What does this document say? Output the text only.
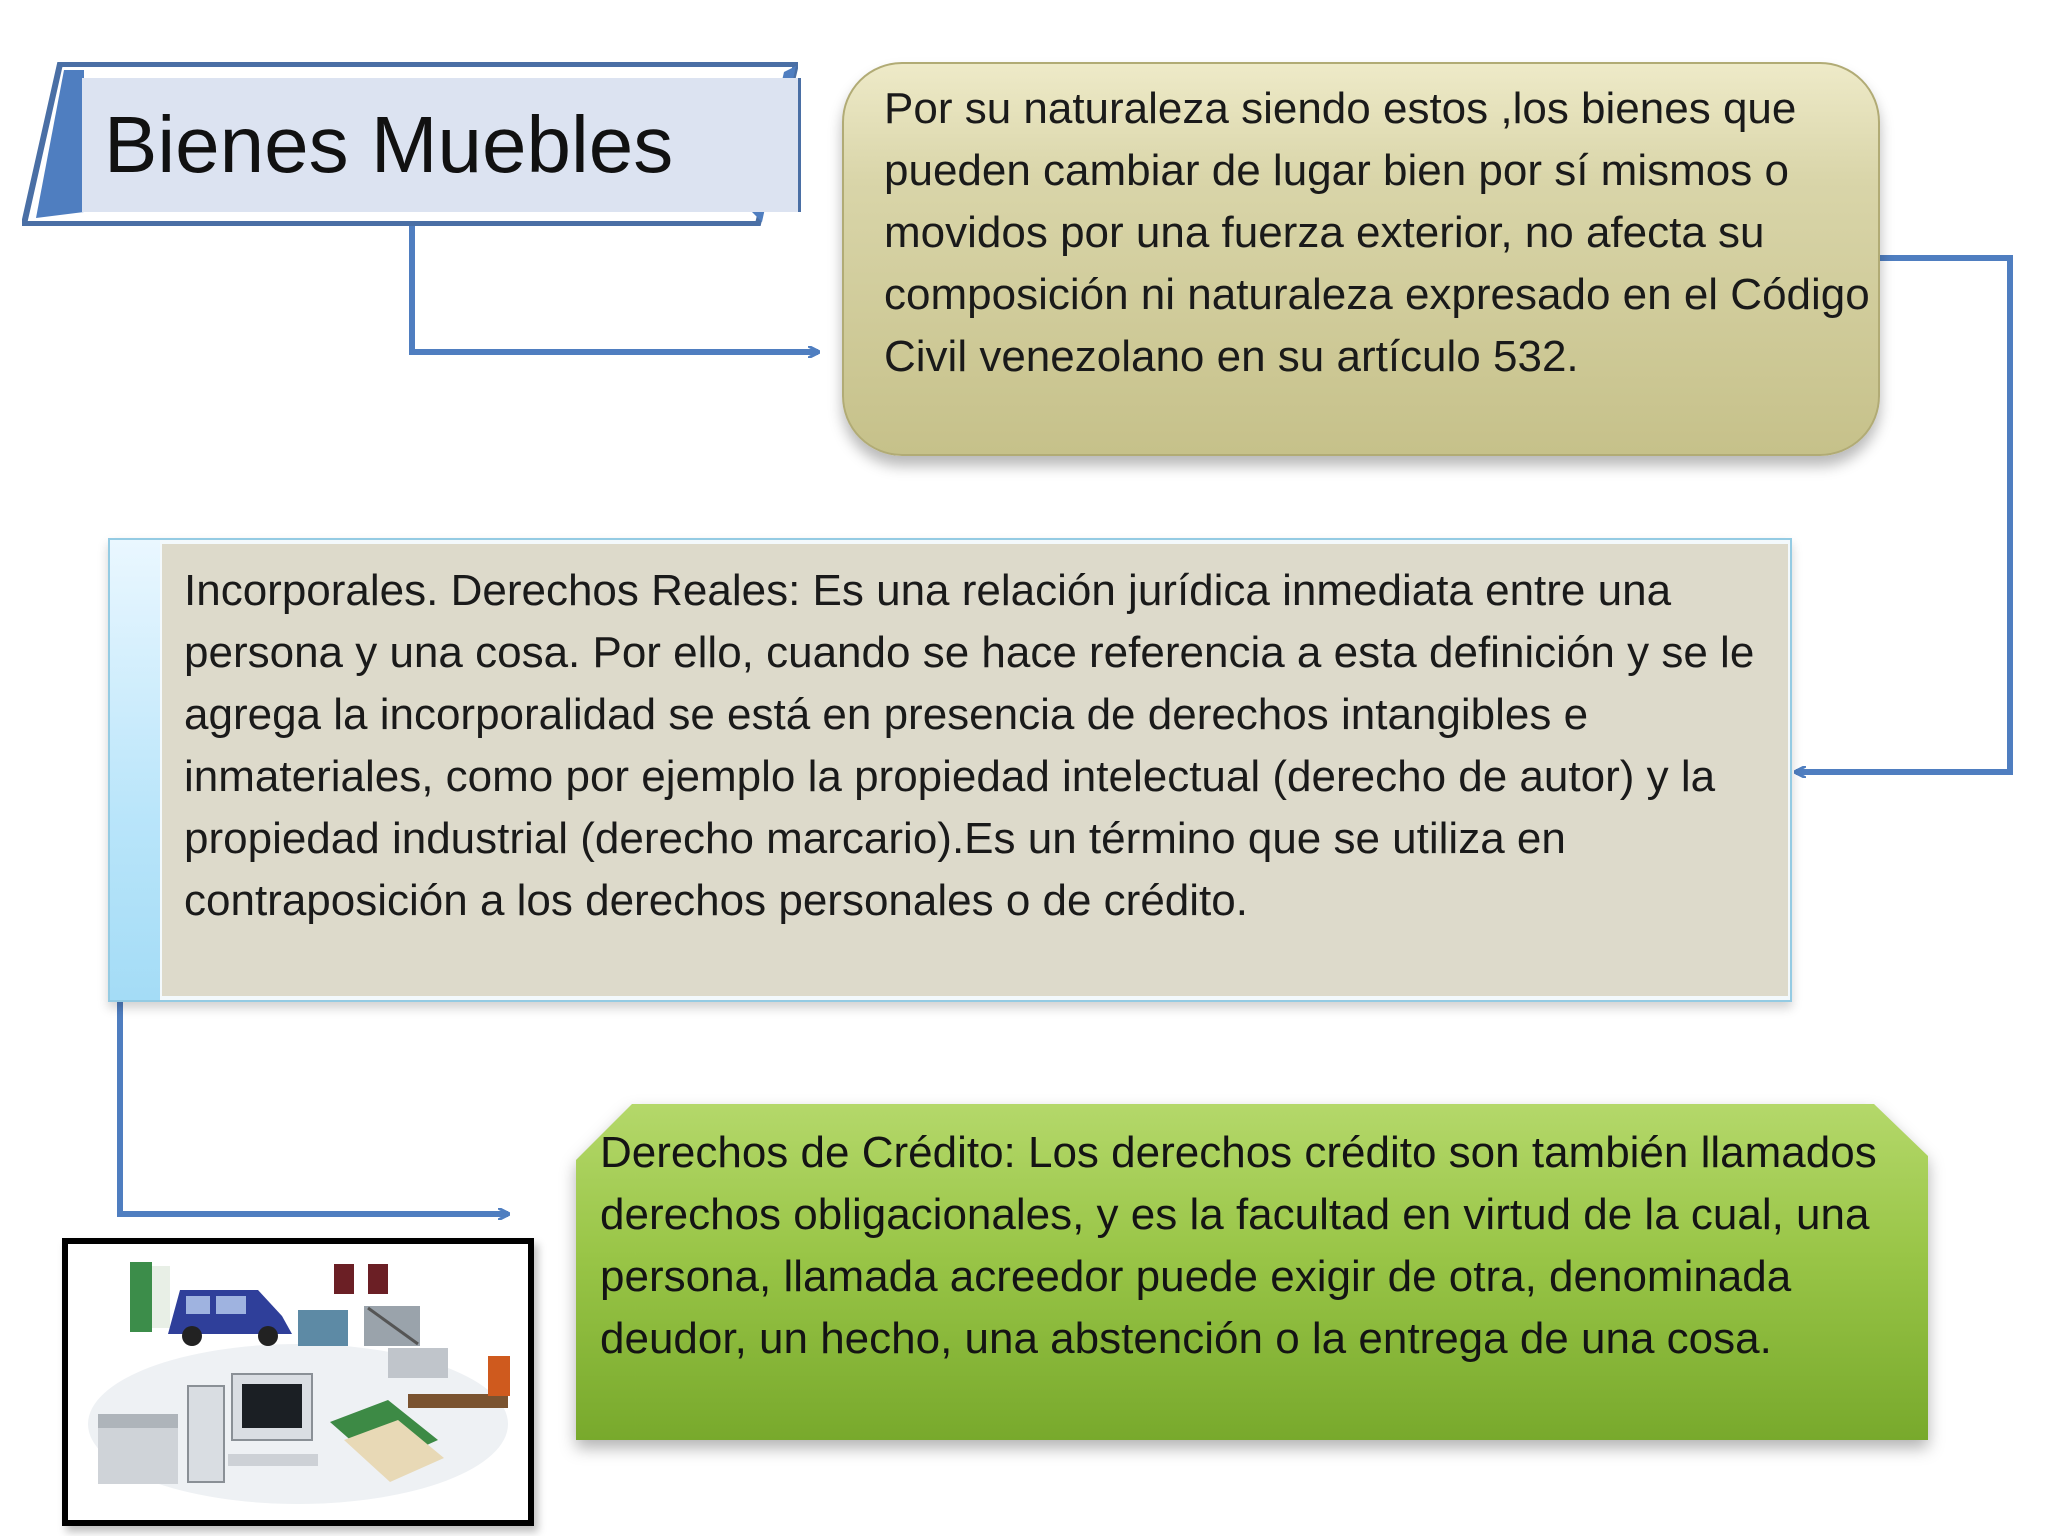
Bienes Muebles	Por su naturaleza siendo estos ,los bienes que pueden cambiar de lugar bien por sí mismos o movidos por una fuerza exterior, no afecta su composición ni naturaleza expresado en el Código Civil venezolano en su artículo 532.
Incorporales. Derechos Reales: Es una relación jurídica inmediata entre una persona y una cosa. Por ello, cuando se hace referencia a esta definición y se le agrega la incorporalidad se está en presencia de derechos intangibles e inmateriales, como por ejemplo la propiedad intelectual (derecho de autor) y la propiedad industrial (derecho marcario).Es un término que se utiliza en contraposición a los derechos personales o de crédito.
Derechos de Crédito: Los derechos crédito son también llamados derechos obligacionales, y es la facultad en virtud de la cual, una persona, llamada acreedor puede exigir de otra, denominada deudor, un hecho, una abstención o la entrega de una cosa.
